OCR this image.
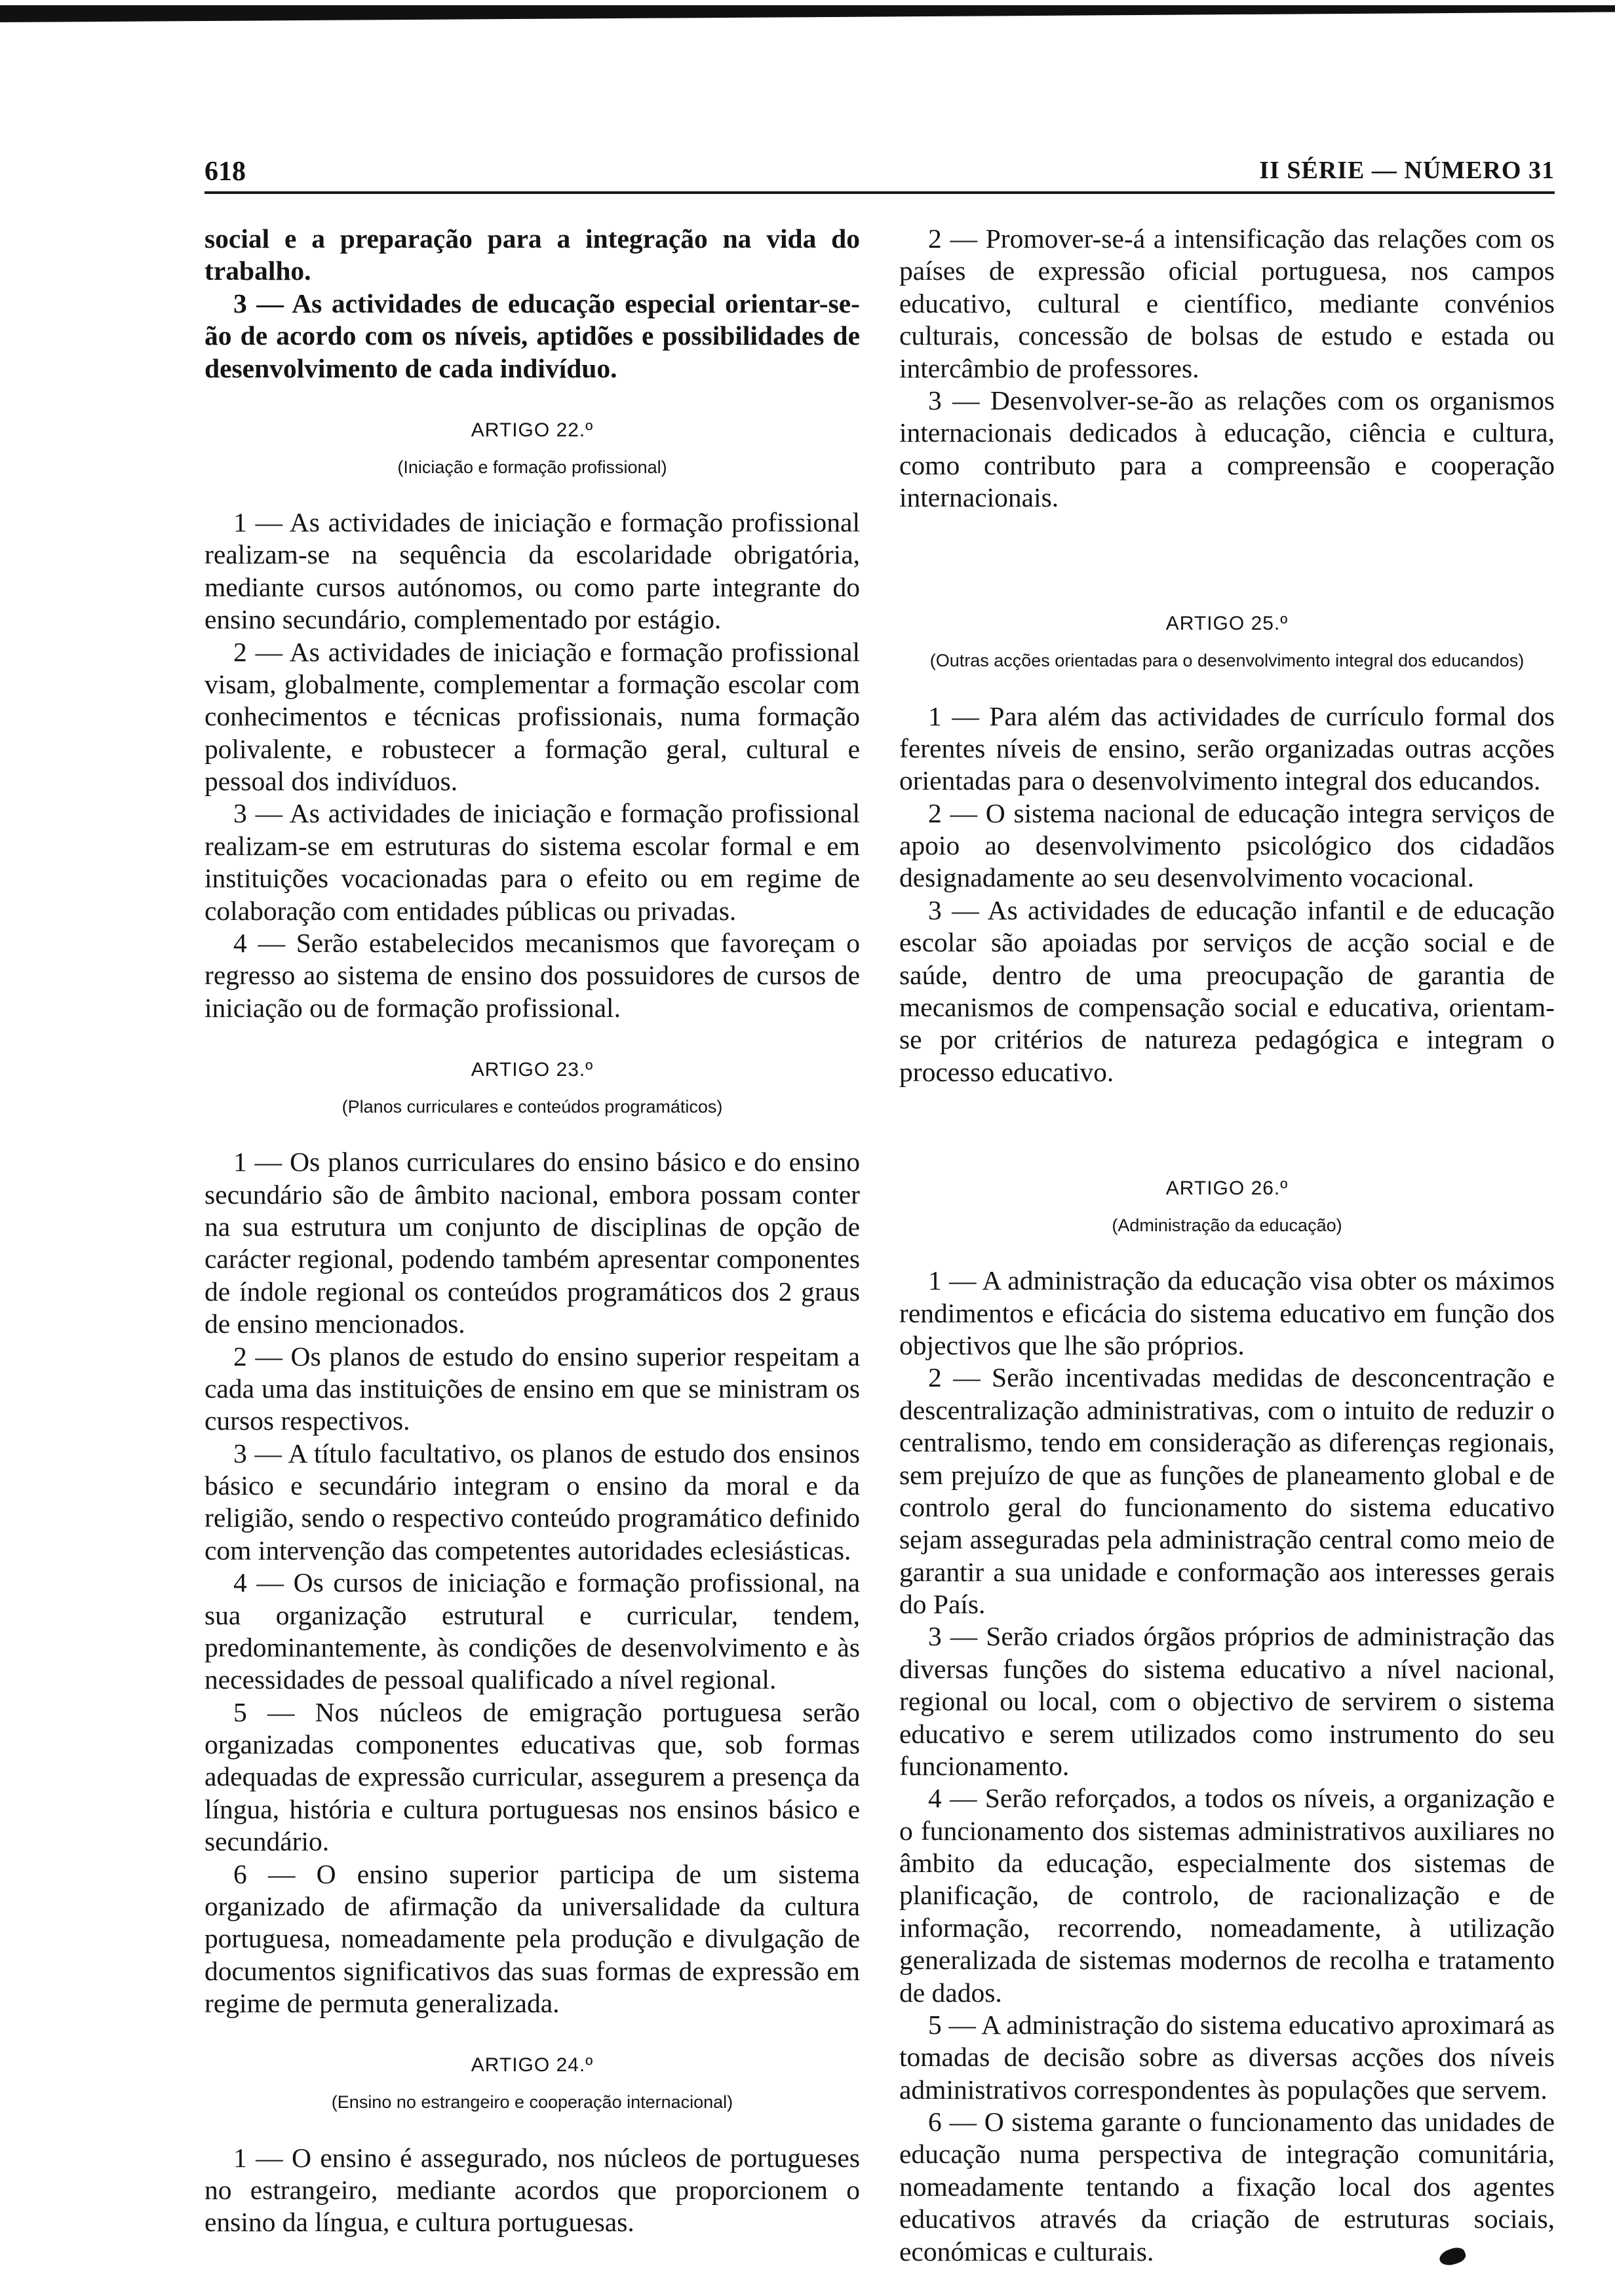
618	II SÉRIE — NÚMERO 31

social e a preparação para a integração na vida do trabalho.

3 — As actividades de educação especial orientar-se-ão de acordo com os níveis, aptidões e possibilidades de desenvolvimento de cada indivíduo.

ARTIGO 22.º
(Iniciação e formação profissional)

1 — As actividades de iniciação e formação profissional realizam-se na sequência da escolaridade obrigatória, mediante cursos autónomos, ou como parte integrante do ensino secundário, complementado por estágio.

2 — As actividades de iniciação e formação profissional visam, globalmente, complementar a formação escolar com conhecimentos e técnicas profissionais, numa formação polivalente, e robustecer a formação geral, cultural e pessoal dos indivíduos.

3 — As actividades de iniciação e formação profissional realizam-se em estruturas do sistema escolar formal e em instituições vocacionadas para o efeito ou em regime de colaboração com entidades públicas ou privadas.

4 — Serão estabelecidos mecanismos que favoreçam o regresso ao sistema de ensino dos possuidores de cursos de iniciação ou de formação profissional.

ARTIGO 23.º
(Planos curriculares e conteúdos programáticos)

1 — Os planos curriculares do ensino básico e do ensino secundário são de âmbito nacional, embora possam conter na sua estrutura um conjunto de disciplinas de opção de carácter regional, podendo também apresentar componentes de índole regional os conteúdos programáticos dos 2 graus de ensino mencionados.

2 — Os planos de estudo do ensino superior respeitam a cada uma das instituições de ensino em que se ministram os cursos respectivos.

3 — A título facultativo, os planos de estudo dos ensinos básico e secundário integram o ensino da moral e da religião, sendo o respectivo conteúdo programático definido com intervenção das competentes autoridades eclesiásticas.

4 — Os cursos de iniciação e formação profissional, na sua organização estrutural e curricular, tendem, predominantemente, às condições de desenvolvimento e às necessidades de pessoal qualificado a nível regional.

5 — Nos núcleos de emigração portuguesa serão organizadas componentes educativas que, sob formas adequadas de expressão curricular, assegurem a presença da língua, história e cultura portuguesas nos ensinos básico e secundário.

6 — O ensino superior participa de um sistema organizado de afirmação da universalidade da cultura portuguesa, nomeadamente pela produção e divulgação de documentos significativos das suas formas de expressão em regime de permuta generalizada.

ARTIGO 24.º
(Ensino no estrangeiro e cooperação internacional)

1 — O ensino é assegurado, nos núcleos de portugueses no estrangeiro, mediante acordos que proporcionem o ensino da língua, e cultura portuguesas.

2 — Promover-se-á a intensificação das relações com os países de expressão oficial portuguesa, nos campos educativo, cultural e científico, mediante convénios culturais, concessão de bolsas de estudo e estada ou intercâmbio de professores.

3 — Desenvolver-se-ão as relações com os organismos internacionais dedicados à educação, ciência e cultura, como contributo para a compreensão e cooperação internacionais.

ARTIGO 25.º
(Outras acções orientadas para o desenvolvimento integral dos educandos)

1 — Para além das actividades de currículo formal dos ferentes níveis de ensino, serão organizadas outras acções orientadas para o desenvolvimento integral dos educandos.

2 — O sistema nacional de educação integra serviços de apoio ao desenvolvimento psicológico dos cidadãos designadamente ao seu desenvolvimento vocacional.

3 — As actividades de educação infantil e de educação escolar são apoiadas por serviços de acção social e de saúde, dentro de uma preocupação de garantia de mecanismos de compensação social e educativa, orientam-se por critérios de natureza pedagógica e integram o processo educativo.

ARTIGO 26.º
(Administração da educação)

1 — A administração da educação visa obter os máximos rendimentos e eficácia do sistema educativo em função dos objectivos que lhe são próprios.

2 — Serão incentivadas medidas de desconcentração e descentralização administrativas, com o intuito de reduzir o centralismo, tendo em consideração as diferenças regionais, sem prejuízo de que as funções de planeamento global e de controlo geral do funcionamento do sistema educativo sejam asseguradas pela administração central como meio de garantir a sua unidade e conformação aos interesses gerais do País.

3 — Serão criados órgãos próprios de administração das diversas funções do sistema educativo a nível nacional, regional ou local, com o objectivo de servirem o sistema educativo e serem utilizados como instrumento do seu funcionamento.

4 — Serão reforçados, a todos os níveis, a organização e o funcionamento dos sistemas administrativos auxiliares no âmbito da educação, especialmente dos sistemas de planificação, de controlo, de racionalização e de informação, recorrendo, nomeadamente, à utilização generalizada de sistemas modernos de recolha e tratamento de dados.

5 — A administração do sistema educativo aproximará as tomadas de decisão sobre as diversas acções dos níveis administrativos correspondentes às populações que servem.

6 — O sistema garante o funcionamento das unidades de educação numa perspectiva de integração comunitária, nomeadamente tentando a fixação local dos agentes educativos através da criação de estruturas sociais, económicas e culturais.
